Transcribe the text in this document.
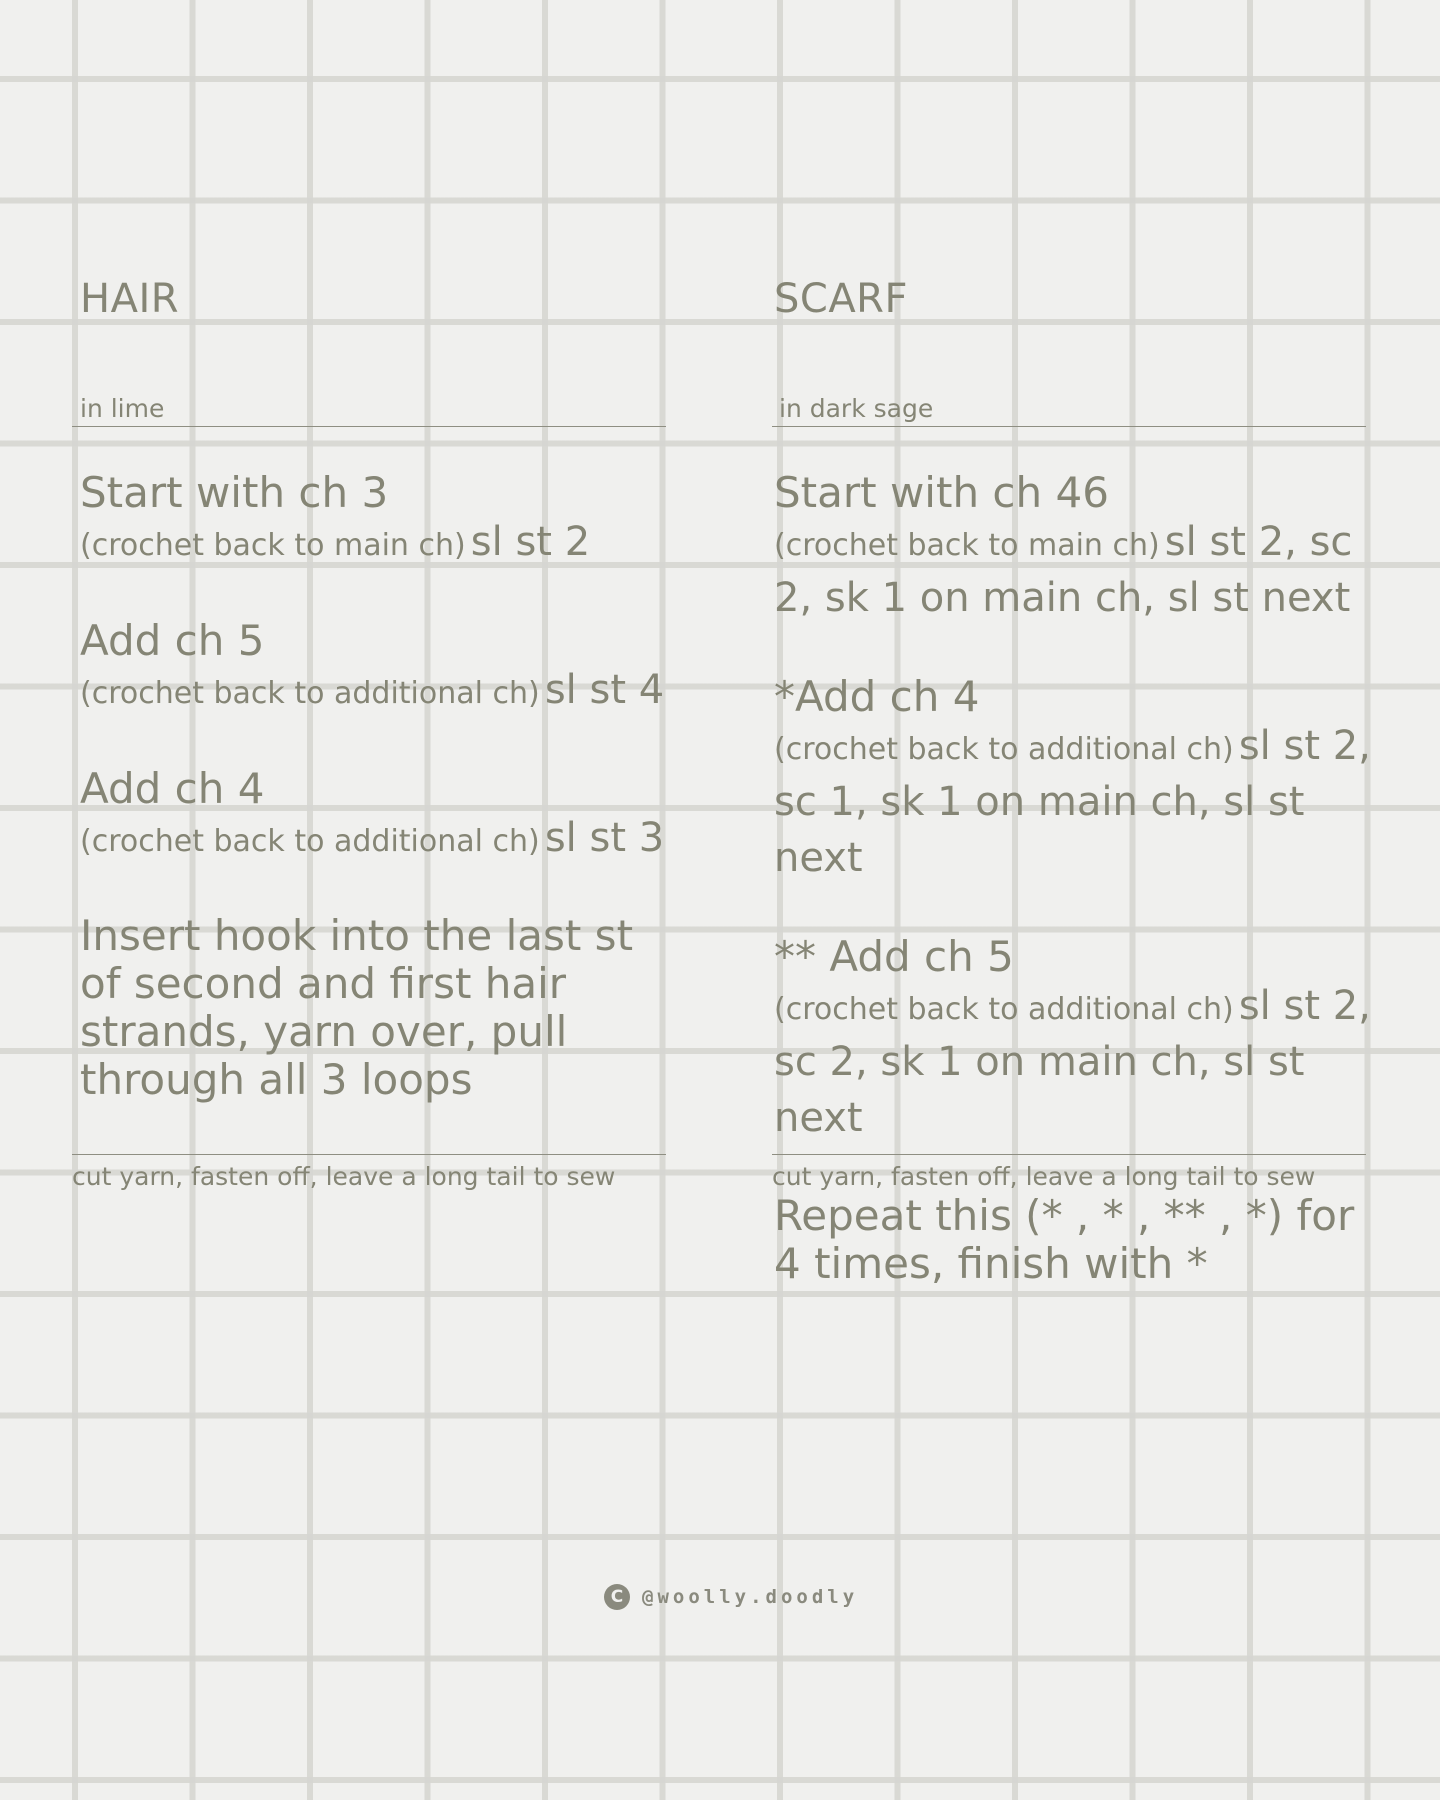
HAIR

in lime

Start with ch 3
(crochet back to main ch) sl st 2
Add ch 5
(crochet back to additional ch) sl st 4
Add ch 4
(crochet back to additional ch) sl st 3
Insert hook into the last st of second and first hair strands, yarn over, pull through all 3 loops

cut yarn, fasten off, leave a long tail to sew

SCARF

in dark sage

Start with ch 46
(crochet back to main ch) sl st 2, sc 2, sk 1 on main ch, sl st next
*Add ch 4
(crochet back to additional ch) sl st 2, sc 1, sk 1 on main ch, sl st next
** Add ch 5
(crochet back to additional ch) sl st 2, sc 2, sk 1 on main ch, sl st next
Repeat this (* , * , ** , *) for 4 times, finish with *

cut yarn, fasten off, leave a long tail to sew

C @woolly.doodly
